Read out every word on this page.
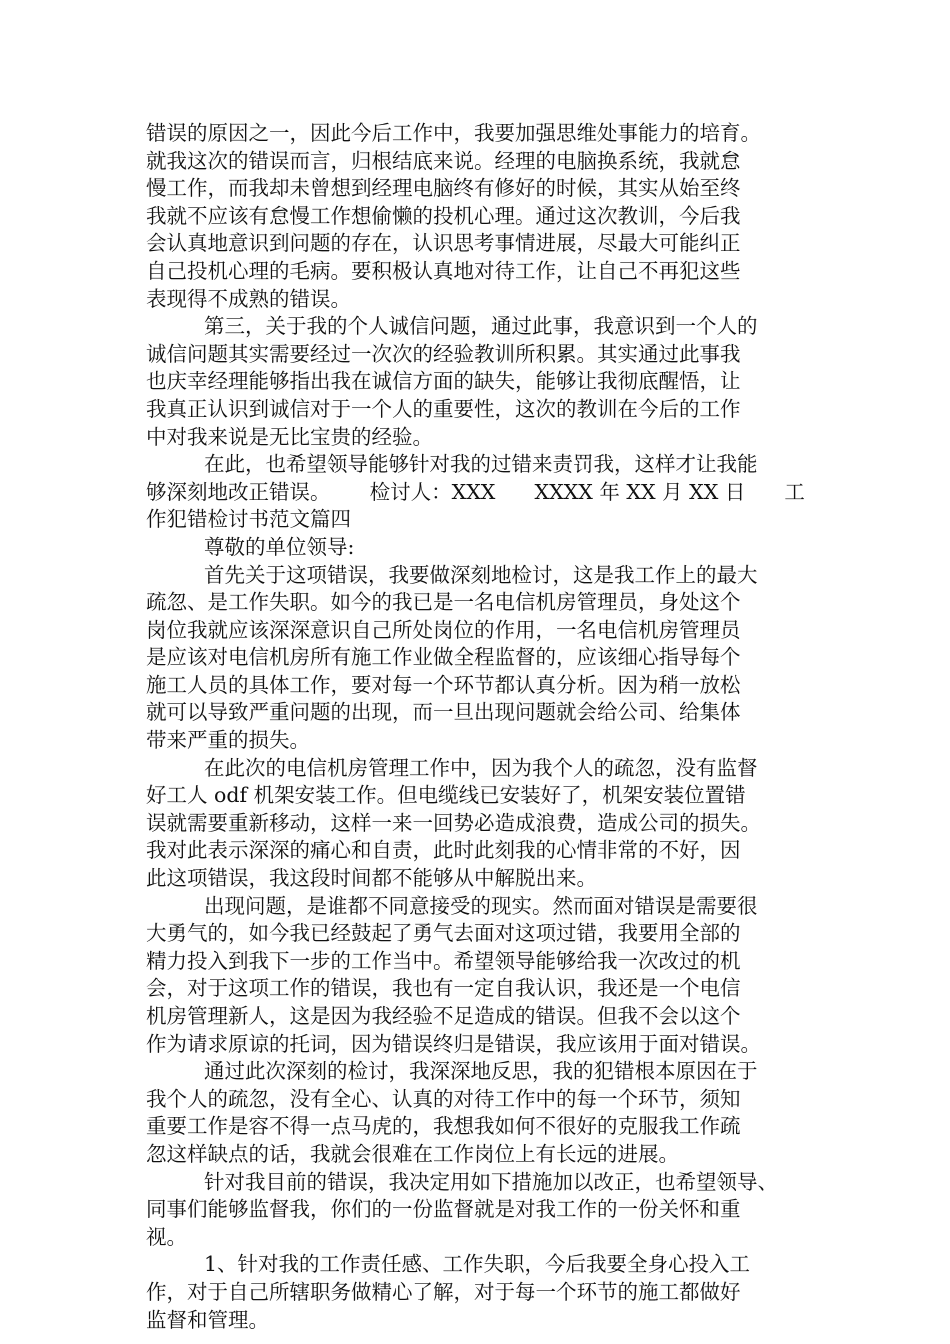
错误的原因之一，因此今后工作中，我要加强思维处事能力的培育。
就我这次的错误而言，归根结底来说。经理的电脑换系统，我就怠
慢工作，而我却未曾想到经理电脑终有修好的时候，其实从始至终
我就不应该有怠慢工作想偷懒的投机心理。通过这次教训，今后我
会认真地意识到问题的存在，认识思考事情进展，尽最大可能纠正
自己投机心理的毛病。要积极认真地对待工作，让自己不再犯这些
表现得不成熟的错误。
第三，关于我的个人诚信问题，通过此事，我意识到一个人的
诚信问题其实需要经过一次次的经验教训所积累。其实通过此事我
也庆幸经理能够指出我在诚信方面的缺失，能够让我彻底醒悟，让
我真正认识到诚信对于一个人的重要性，这次的教训在今后的工作
中对我来说是无比宝贵的经验。
在此，也希望领导能够针对我的过错来责罚我，这样才让我能
够深刻地改正错误。      检讨人：XXX      XXXX 年 XX 月 XX 日      工
作犯错检讨书范文篇四
尊敬的单位领导:
首先关于这项错误，我要做深刻地检讨，这是我工作上的最大
疏忽、是工作失职。如今的我已是一名电信机房管理员，身处这个
岗位我就应该深深意识自己所处岗位的作用，一名电信机房管理员
是应该对电信机房所有施工作业做全程监督的，应该细心指导每个
施工人员的具体工作，要对每一个环节都认真分析。因为稍一放松
就可以导致严重问题的出现，而一旦出现问题就会给公司、给集体
带来严重的损失。
在此次的电信机房管理工作中，因为我个人的疏忽，没有监督
好工人 odf 机架安装工作。但电缆线已安装好了，机架安装位置错
误就需要重新移动，这样一来一回势必造成浪费，造成公司的损失。
我对此表示深深的痛心和自责，此时此刻我的心情非常的不好，因
此这项错误，我这段时间都不能够从中解脱出来。
出现问题，是谁都不同意接受的现实。然而面对错误是需要很
大勇气的，如今我已经鼓起了勇气去面对这项过错，我要用全部的
精力投入到我下一步的工作当中。希望领导能够给我一次改过的机
会，对于这项工作的错误，我也有一定自我认识，我还是一个电信
机房管理新人，这是因为我经验不足造成的错误。但我不会以这个
作为请求原谅的托词，因为错误终归是错误，我应该用于面对错误。
通过此次深刻的检讨，我深深地反思，我的犯错根本原因在于
我个人的疏忽，没有全心、认真的对待工作中的每一个环节，须知
重要工作是容不得一点马虎的，我想我如何不很好的克服我工作疏
忽这样缺点的话，我就会很难在工作岗位上有长远的进展。
针对我目前的错误，我决定用如下措施加以改正，也希望领导、
同事们能够监督我，你们的一份监督就是对我工作的一份关怀和重
视。
1、针对我的工作责任感、工作失职，今后我要全身心投入工
作，对于自己所辖职务做精心了解，对于每一个环节的施工都做好
监督和管理。
